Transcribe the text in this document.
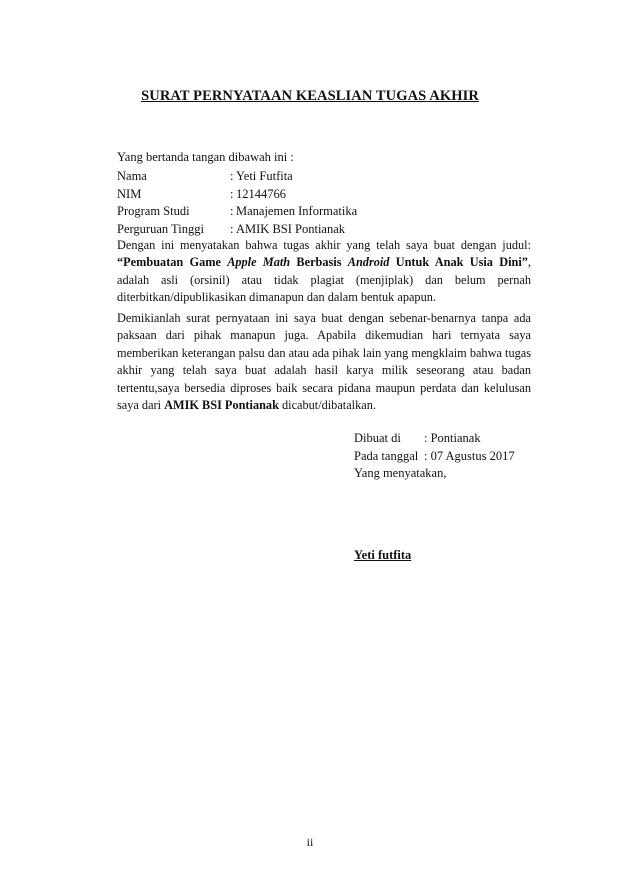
SURAT PERNYATAAN KEASLIAN TUGAS AKHIR
Yang bertanda tangan dibawah ini :
Nama	: Yeti Futfita
NIM	: 12144766
Program Studi	: Manajemen Informatika
Perguruan Tinggi	: AMIK BSI Pontianak
Dengan ini menyatakan bahwa tugas akhir yang telah saya buat dengan judul: “Pembuatan Game Apple Math Berbasis Android Untuk Anak Usia Dini”, adalah asli (orsinil) atau tidak plagiat (menjiplak) dan belum pernah diterbitkan/dipublikasikan dimanapun dan dalam bentuk apapun.
Demikianlah surat pernyataan ini saya buat dengan sebenar-benarnya tanpa ada paksaan dari pihak manapun juga. Apabila dikemudian hari ternyata saya memberikan keterangan palsu dan atau ada pihak lain yang mengklaim bahwa tugas akhir yang telah saya buat adalah hasil karya milik seseorang atau badan tertentu,saya bersedia diproses baik secara pidana maupun perdata dan kelulusan saya dari AMIK BSI Pontianak dicabut/dibatalkan.
Dibuat di	: Pontianak
Pada tanggal : 07 Agustus 2017
Yang menyatakan,
Yeti futfita
ii
